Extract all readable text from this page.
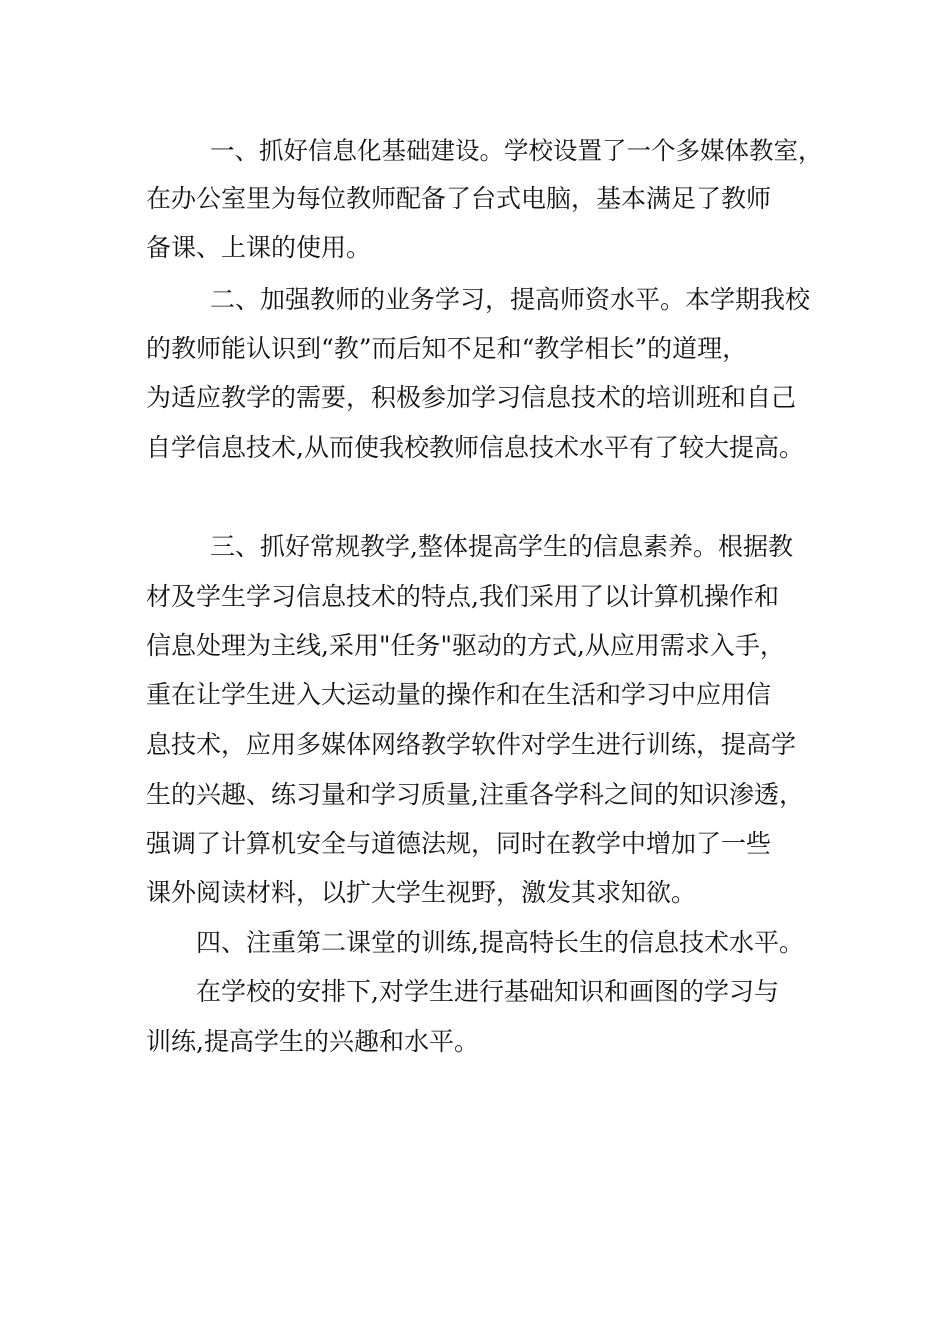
一、抓好信息化基础建设。学校设置了一个多媒体教室，
在办公室里为每位教师配备了台式电脑，基本满足了教师
备课、上课的使用。
二、加强教师的业务学习，提高师资水平。本学期我校
的教师能认识到“教”而后知不足和“教学相长”的道理，
为适应教学的需要，积极参加学习信息技术的培训班和自己
自学信息技术,从而使我校教师信息技术水平有了较大提高。
三、抓好常规教学,整体提高学生的信息素养。根据教
材及学生学习信息技术的特点,我们采用了以计算机操作和
信息处理为主线,采用"任务"驱动的方式,从应用需求入手，
重在让学生进入大运动量的操作和在生活和学习中应用信
息技术，应用多媒体网络教学软件对学生进行训练，提高学
生的兴趣、练习量和学习质量,注重各学科之间的知识渗透，
强调了计算机安全与道德法规，同时在教学中增加了一些
课外阅读材料，以扩大学生视野，激发其求知欲。
四、注重第二课堂的训练,提高特长生的信息技术水平。
在学校的安排下,对学生进行基础知识和画图的学习与
训练,提高学生的兴趣和水平。
